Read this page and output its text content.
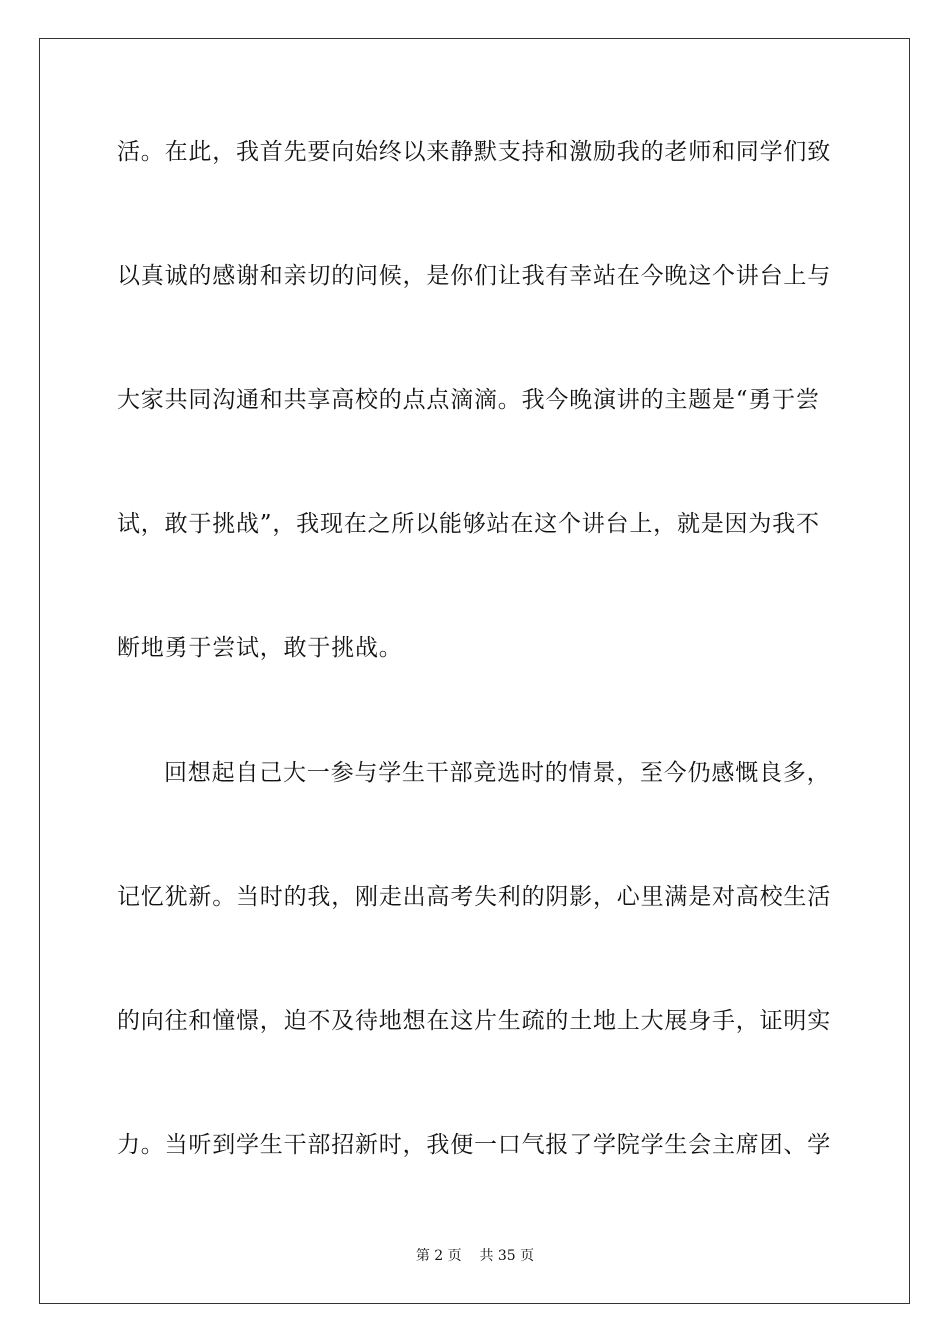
活。在此，我首先要向始终以来静默支持和激励我的老师和同学们致
以真诚的感谢和亲切的问候，是你们让我有幸站在今晚这个讲台上与
大家共同沟通和共享高校的点点滴滴。我今晚演讲的主题是“勇于尝
试，敢于挑战”，我现在之所以能够站在这个讲台上，就是因为我不
断地勇于尝试，敢于挑战。
回想起自己大一参与学生干部竞选时的情景，至今仍感慨良多，
记忆犹新。当时的我，刚走出高考失利的阴影，心里满是对高校生活
的向往和憧憬，迫不及待地想在这片生疏的土地上大展身手，证明实
力。当听到学生干部招新时，我便一口气报了学院学生会主席团、学
第 2 页 共 35 页
